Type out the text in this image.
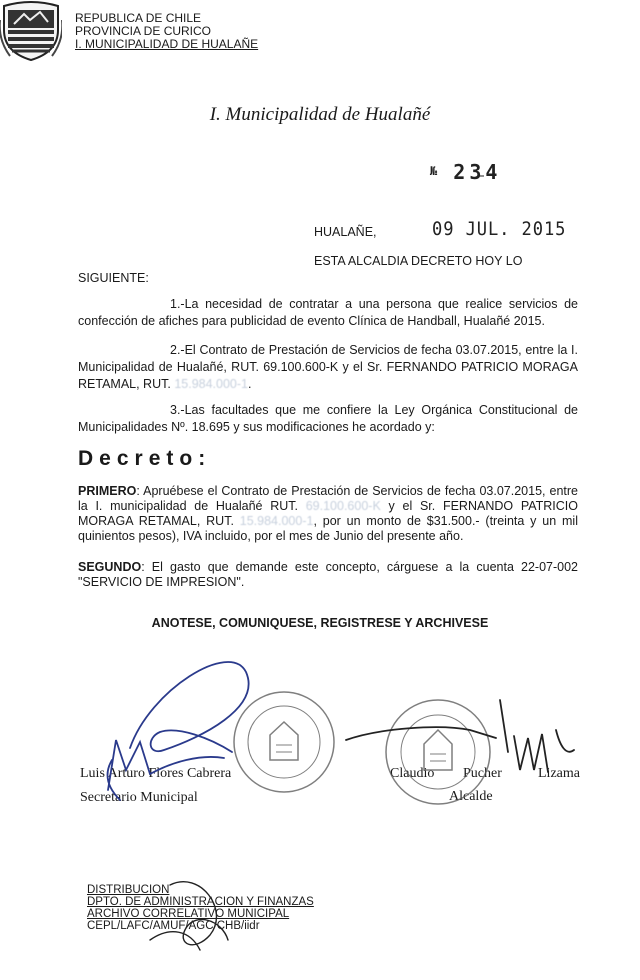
REPUBLICA DE CHILE
PROVINCIA DE CURICO
I. MUNICIPALIDAD DE HUALAÑE
I. Municipalidad de Hualañé
№ 234
HUALAÑE,	09 JUL. 2015
ESTA ALCALDIA DECRETO HOY LO
SIGUIENTE:
1.-La necesidad de contratar a una persona que realice servicios de confección de afiches para publicidad de evento Clínica de Handball, Hualañé 2015.
2.-El Contrato de Prestación de Servicios de fecha 03.07.2015, entre la I. Municipalidad de Hualañé, RUT. 69.100.600-K y el Sr. FERNANDO PATRICIO MORAGA RETAMAL, RUT. 15.984.000-1.
3.-Las facultades que me confiere la Ley Orgánica Constitucional de Municipalidades Nº. 18.695 y sus modificaciones he acordado y:
Decreto:
PRIMERO: Apruébese el Contrato de Prestación de Servicios de fecha 03.07.2015, entre la I. municipalidad de Hualañé RUT. 69.100.600-K y el Sr. FERNANDO PATRICIO MORAGA RETAMAL, RUT. 15.984.000-1, por un monto de $31.500.- (treinta y un mil quinientos pesos), IVA incluido, por el mes de Junio del presente año.
SEGUNDO: El gasto que demande este concepto, cárguese a la cuenta 22-07-002 "SERVICIO DE IMPRESION".
ANOTESE, COMUNIQUESE, REGISTRESE Y ARCHIVESE
Luis Arturo Flores Cabrera
Secretario Municipal
Claudio Pucher	Lizama
Alcalde
DISTRIBUCION
DPTO. DE ADMINISTRACION Y FINANZAS
ARCHIVO CORRELATIVO MUNICIPAL
CEPL/LAFC/AMUF/AGC/CHB/iidr
